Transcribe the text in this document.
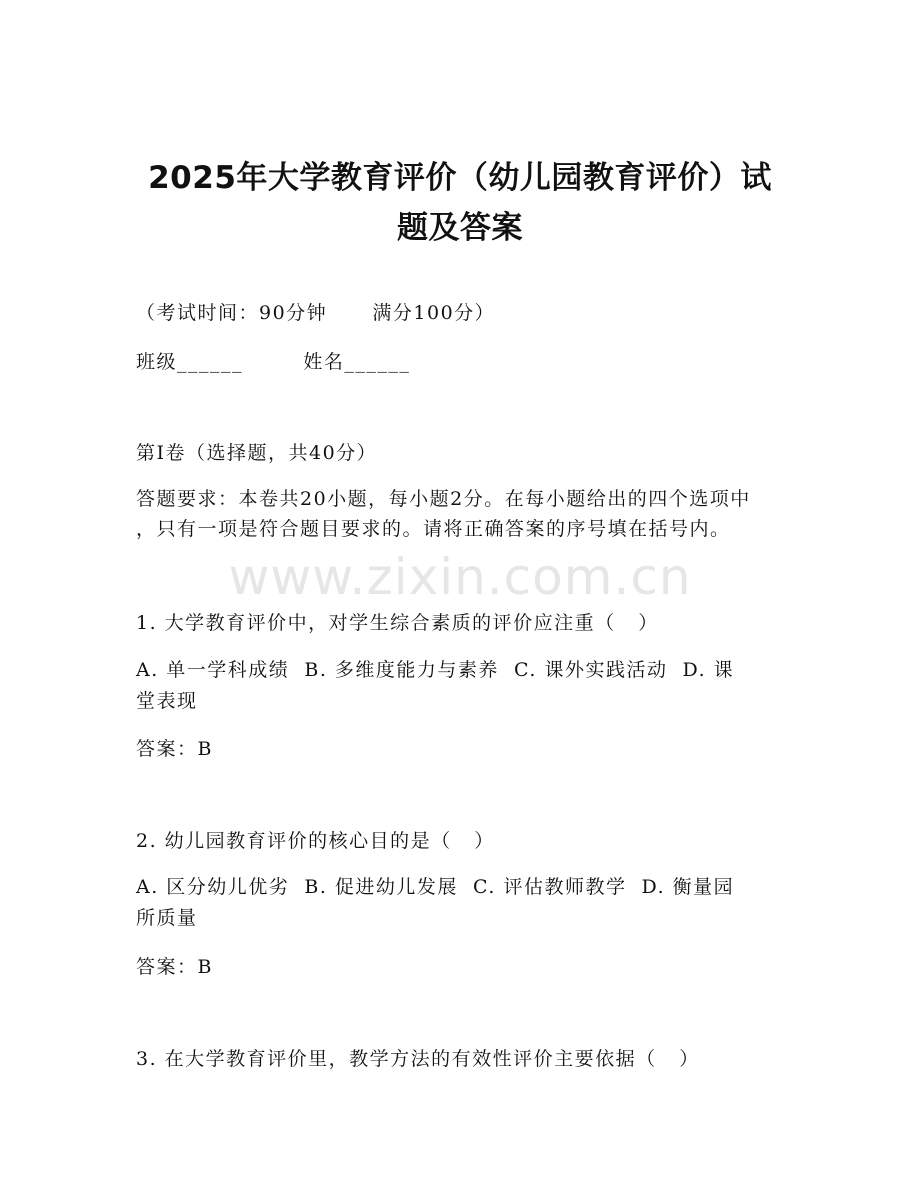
www.zixin.com.cn
2025年大学教育评价（幼儿园教育评价）试
题及答案
（考试时间：90分钟      满分100分）
班级______        姓名______
第I卷（选择题，共40分）
答题要求：本卷共20小题，每小题2分。在每小题给出的四个选项中
，只有一项是符合题目要求的。请将正确答案的序号填在括号内。
1. 大学教育评价中，对学生综合素质的评价应注重（   ）
A. 单一学科成绩  B. 多维度能力与素养  C. 课外实践活动  D. 课
堂表现
答案：B
2. 幼儿园教育评价的核心目的是（   ）
A. 区分幼儿优劣  B. 促进幼儿发展  C. 评估教师教学  D. 衡量园
所质量
答案：B
3. 在大学教育评价里，教学方法的有效性评价主要依据（   ）
